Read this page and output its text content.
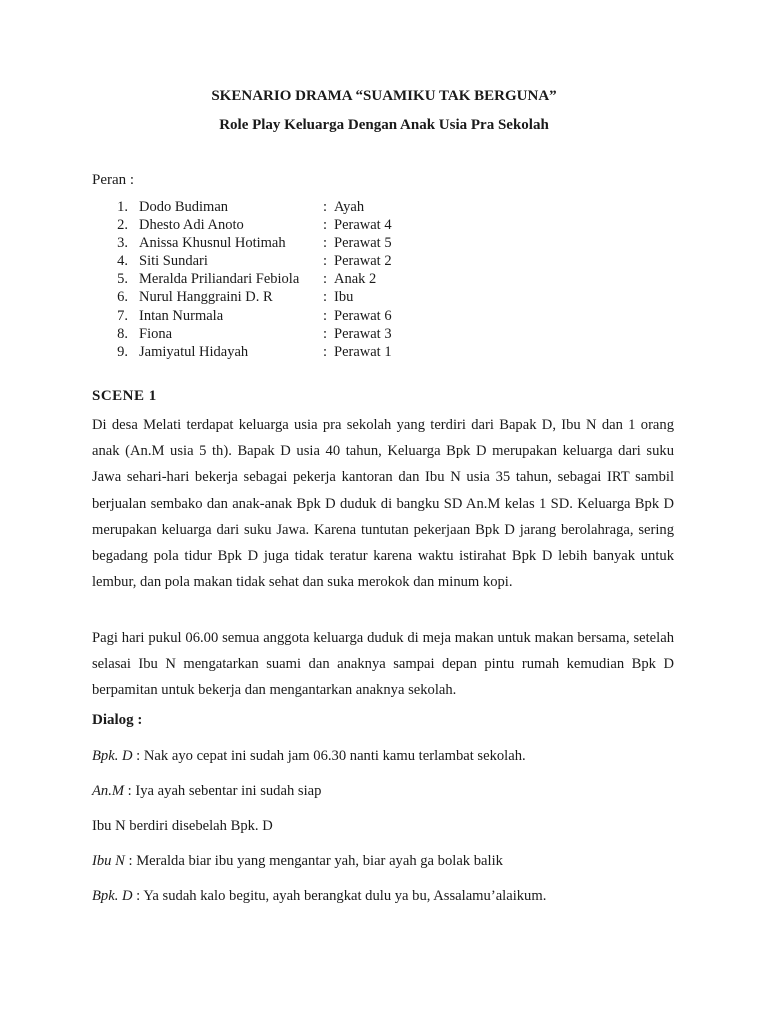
SKENARIO DRAMA “SUAMIKU TAK BERGUNA”
Role Play Keluarga Dengan Anak Usia Pra Sekolah
Peran :
1. Dodo Budiman	: Ayah
2. Dhesto Adi Anoto	: Perawat 4
3. Anissa Khusnul Hotimah	: Perawat 5
4. Siti Sundari	: Perawat 2
5. Meralda Priliandari Febiola : Anak 2
6. Nurul Hanggraini D. R	: Ibu
7. Intan Nurmala	: Perawat 6
8. Fiona	: Perawat 3
9. Jamiyatul Hidayah	: Perawat 1
SCENE 1

Di desa Melati terdapat keluarga usia pra sekolah yang terdiri dari Bapak D, Ibu N dan 1 orang anak (An.M usia 5 th). Bapak D usia 40 tahun, Keluarga Bpk D merupakan keluarga dari suku Jawa sehari-hari bekerja sebagai pekerja kantoran dan Ibu N usia 35 tahun, sebagai IRT sambil berjualan sembako dan anak-anak Bpk D duduk di bangku SD An.M kelas 1 SD. Keluarga Bpk D merupakan keluarga dari suku Jawa. Karena tuntutan pekerjaan Bpk D jarang berolahraga, sering begadang pola tidur Bpk D juga tidak teratur karena waktu istirahat Bpk D lebih banyak untuk lembur, dan pola makan tidak sehat dan suka merokok dan minum kopi.

Pagi hari pukul 06.00 semua anggota keluarga duduk di meja makan untuk makan bersama, setelah selasai Ibu N mengatarkan suami dan anaknya sampai depan pintu rumah kemudian Bpk D berpamitan untuk bekerja dan mengantarkan anaknya sekolah.

Dialog :
Bpk. D : Nak ayo cepat ini sudah jam 06.30 nanti kamu terlambat sekolah.
An.M : Iya ayah sebentar ini sudah siap
Ibu N berdiri disebelah Bpk. D
Ibu N : Meralda biar ibu yang mengantar yah, biar ayah ga bolak balik
Bpk. D : Ya sudah kalo begitu, ayah berangkat dulu ya bu, Assalamu’alaikum.
